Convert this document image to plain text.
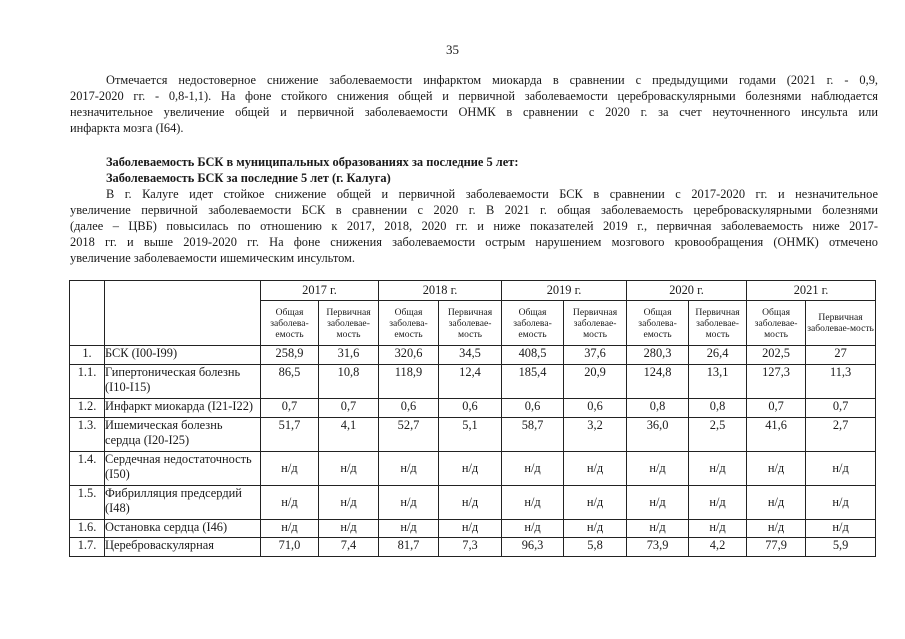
35
Отмечается недостоверное снижение заболеваемости инфарктом миокарда в сравнении с предыдущими годами (2021 г. - 0,9,
2017-2020 гг. - 0,8-1,1). На фоне стойкого снижения общей и первичной заболеваемости цереброваскулярными болезнями наблюдается
незначительное увеличение общей и первичной заболеваемости ОНМК в сравнении с 2020 г. за счет неуточненного инсульта или
инфаркта мозга (I64).
Заболеваемость БСК в муниципальных образованиях за последние 5 лет:
Заболеваемость БСК за последние 5 лет (г. Калуга)
В г. Калуге идет стойкое снижение общей и первичной заболеваемости БСК в сравнении с 2017-2020 гг. и незначительное
увеличение первичной заболеваемости БСК в сравнении с 2020 г. В 2021 г. общая заболеваемость цереброваскулярными болезнями
(далее – ЦВБ) повысилась по отношению к 2017, 2018, 2020 гг. и ниже показателей 2019 г., первичная заболеваемость ниже 2017-
2018 гг. и выше 2019-2020 гг. На фоне снижения заболеваемости острым нарушением мозгового кровообращения (ОНМК) отмечено
увеличение заболеваемости ишемическим инсультом.
		2017 г.		2018 г.		2019 г.		2020 г.		2021 г.	
		Общая заболева-емость	Первичная заболевае-мость	Общая заболева-емость	Первичная заболевае-мость	Общая заболева-емость	Первичная заболевае-мость	Общая заболева-емость	Первичная заболевае-мость	Общая заболевае-мость	Первичная заболевае-мость
1.	БСК (I00-I99)	258,9	31,6	320,6	34,5	408,5	37,6	280,3	26,4	202,5	27
1.1.	Гипертоническая болезнь (I10-I15)	86,5	10,8	118,9	12,4	185,4	20,9	124,8	13,1	127,3	11,3
1.2.	Инфаркт миокарда (I21-I22)	0,7	0,7	0,6	0,6	0,6	0,6	0,8	0,8	0,7	0,7
1.3.	Ишемическая болезнь сердца (I20-I25)	51,7	4,1	52,7	5,1	58,7	3,2	36,0	2,5	41,6	2,7
1.4.	Сердечная недостаточность (I50)	н/д	н/д	н/д	н/д	н/д	н/д	н/д	н/д	н/д	н/д
1.5.	Фибрилляция предсердий (I48)	н/д	н/д	н/д	н/д	н/д	н/д	н/д	н/д	н/д	н/д
1.6.	Остановка сердца (I46)	н/д	н/д	н/д	н/д	н/д	н/д	н/д	н/д	н/д	н/д
1.7.	Цереброваскулярная	71,0	7,4	81,7	7,3	96,3	5,8	73,9	4,2	77,9	5,9
